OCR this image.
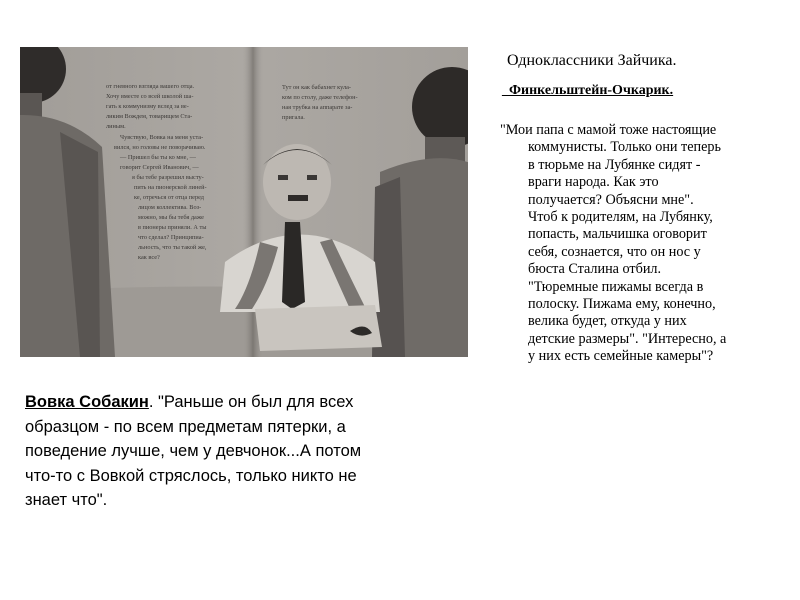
от гневного взгляда вашего отца. Хочу вместе со всей школой ша- гать к коммунизму вслед за ве- ликим Вождем, товарищем Ста- линым. Чувствую, Вовка на меня уста- вился, но головы не поворачиваю. — Пришел бы ты ко мне, — говорит Сергей Иванович, — я бы тебе разрешил высту- пить на пионерской линей- ке, отречься от отца перед лицом коллектива. Воз- можно, мы бы тебя даже в пионеры приняли. А ты что сделал? Принципиа- льность, что ты такой же, как все?
Тут он как бабахнет кула- ком по столу, даже телефон- ная трубка на аппарате за- пригала.
Одноклассники Зайчика.
_Финкельштейн-Очкарик.

"Мои папа с мамой тоже настоящие
коммунисты. Только они теперь
в тюрьме на Лубянке сидят -
враги народа. Как это
получается? Объясни мне".
Чтоб к родителям, на Лубянку,
попасть, мальчишка оговорит
себя, сознается, что он нос у
бюста Сталина отбил.
"Тюремные пижамы всегда в
полоску. Пижама ему, конечно,
велика будет, откуда у них
детские размеры". "Интересно, а
у них есть семейные камеры"?

Вовка Собакин. "Раньше он был для всех
образцом - по всем предметам пятерки, а
поведение лучше, чем у девчонок...А потом
что-то с Вовкой стряслось, только никто не
знает что".
